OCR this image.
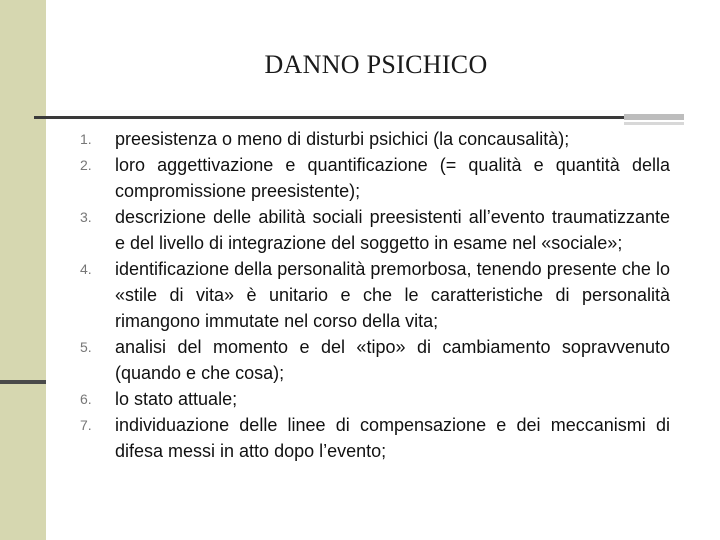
DANNO PSICHICO
1.	preesistenza o meno di disturbi psichici (la concausalità);
2.	loro aggettivazione e quantificazione (= qualità e quantità della compromissione preesistente);
3.	descrizione delle abilità sociali preesistenti all’evento traumatizzante e del livello di integrazione del soggetto in esame nel «sociale»;
4.	identificazione della personalità premorbosa, tenendo presente che lo «stile di vita» è unitario e che le caratteristiche di personalità rimangono immutate nel corso della vita;
5.	analisi del momento e del «tipo» di cambiamento sopravvenuto (quando e che cosa);
6.	lo stato attuale;
7.	individuazione delle linee di compensazione e dei meccanismi di difesa messi in atto dopo l’evento;
